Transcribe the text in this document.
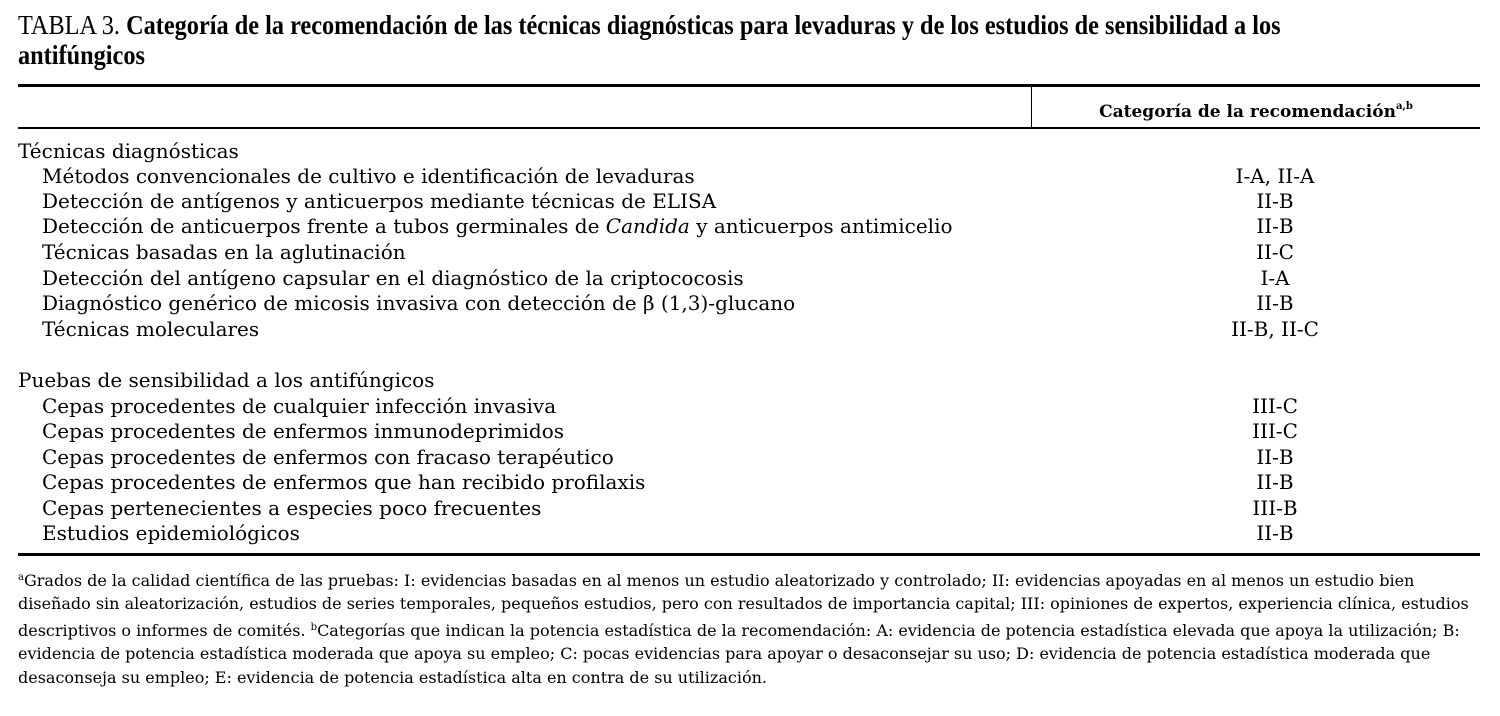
TABLA 3. Categoría de la recomendación de las técnicas diagnósticas para levaduras y de los estudios de sensibilidad a los antifúngicos
Categoría de la recomendación$^{a,b}$
Técnicas diagnósticas
Métodos convencionales de cultivo e identificación de levaduras	I-A, II-A
Detección de antígenos y anticuerpos mediante técnicas de ELISA	II-B
Detección de anticuerpos frente a tubos germinales de Candida y anticuerpos antimicelio	II-B
Técnicas basadas en la aglutinación	II-C
Detección del antígeno capsular en el diagnóstico de la criptococosis	I-A
Diagnóstico genérico de micosis invasiva con detección de β (1,3)-glucano	II-B
Técnicas moleculares	II-B, II-C
Puebas de sensibilidad a los antifúngicos
Cepas procedentes de cualquier infección invasiva	III-C
Cepas procedentes de enfermos inmunodeprimidos	III-C
Cepas procedentes de enfermos con fracaso terapéutico	II-B
Cepas procedentes de enfermos que han recibido profilaxis	II-B
Cepas pertenecientes a especies poco frecuentes	III-B
Estudios epidemiológicos	II-B

$^a$Grados de la calidad científica de las pruebas: I: evidencias basadas en al menos un estudio aleatorizado y controlado; II: evidencias apoyadas en al menos un estudio bien diseñado sin aleatorización, estudios de series temporales, pequeños estudios, pero con resultados de importancia capital; III: opiniones de expertos, experiencia clínica, estudios descriptivos o informes de comités. $^b$Categorías que indican la potencia estadística de la recomendación: A: evidencia de potencia estadística elevada que apoya la utilización; B: evidencia de potencia estadística moderada que apoya su empleo; C: pocas evidencias para apoyar o desaconsejar su uso; D: evidencia de potencia estadística moderada que desaconseja su empleo; E: evidencia de potencia estadística alta en contra de su utilización.
